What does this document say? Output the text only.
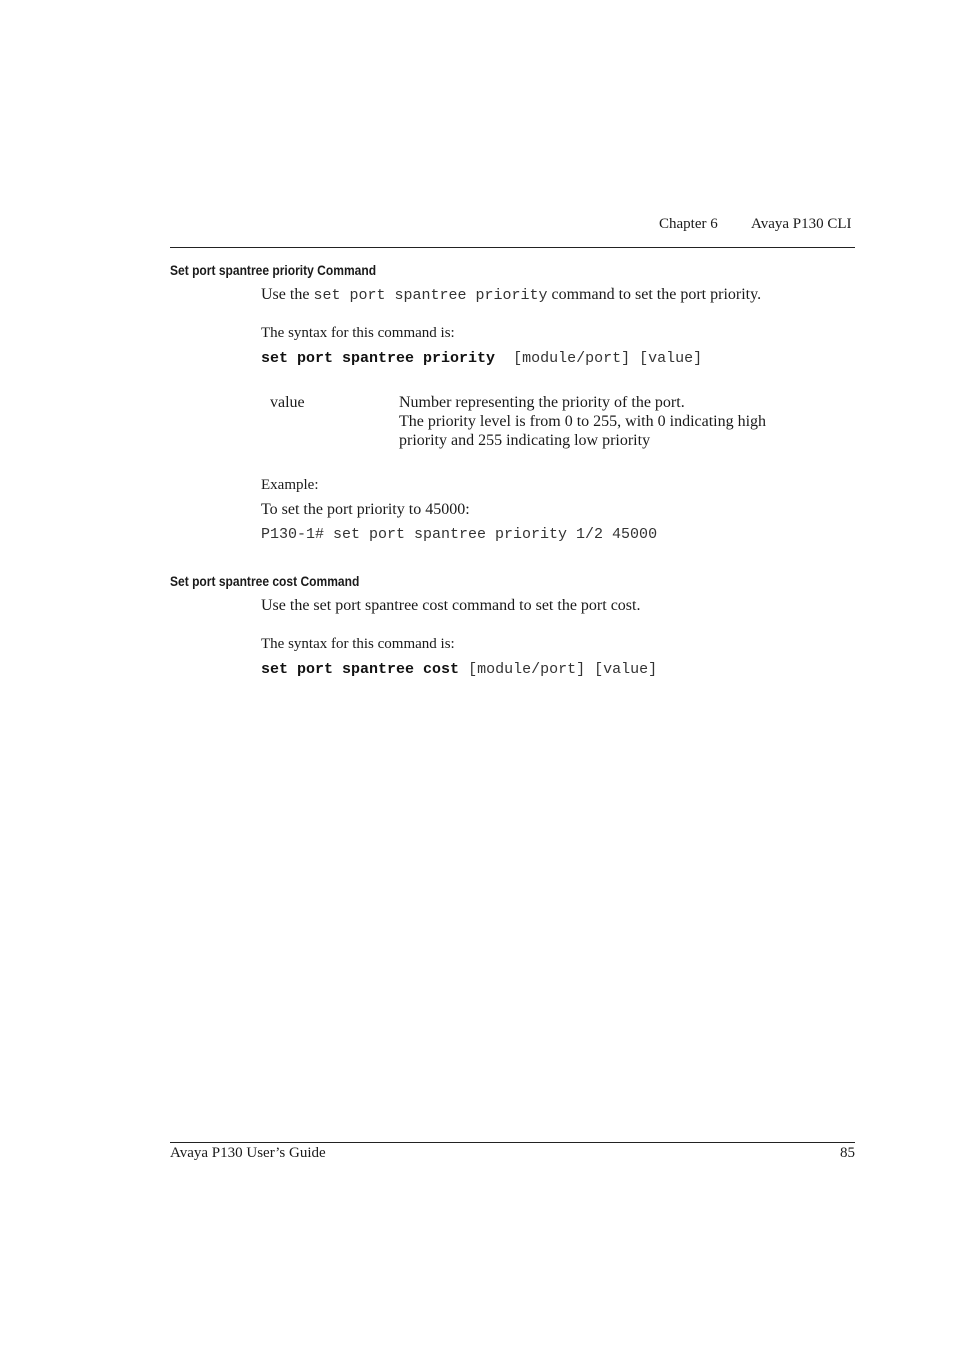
Chapter 6 Avaya P130 CLI
Set port spantree priority Command
Use the set port spantree priority command to set the port priority.
The syntax for this command is:
set port spantree priority [module/port] [value]
value	Number representing the priority of the port.
The priority level is from 0 to 255, with 0 indicating high
priority and 255 indicating low priority
Example:
To set the port priority to 45000:
P130-1# set port spantree priority 1/2 45000
Set port spantree cost Command
Use the set port spantree cost command to set the port cost.
The syntax for this command is:
set port spantree cost [module/port] [value]
Avaya P130 User’s Guide	85
